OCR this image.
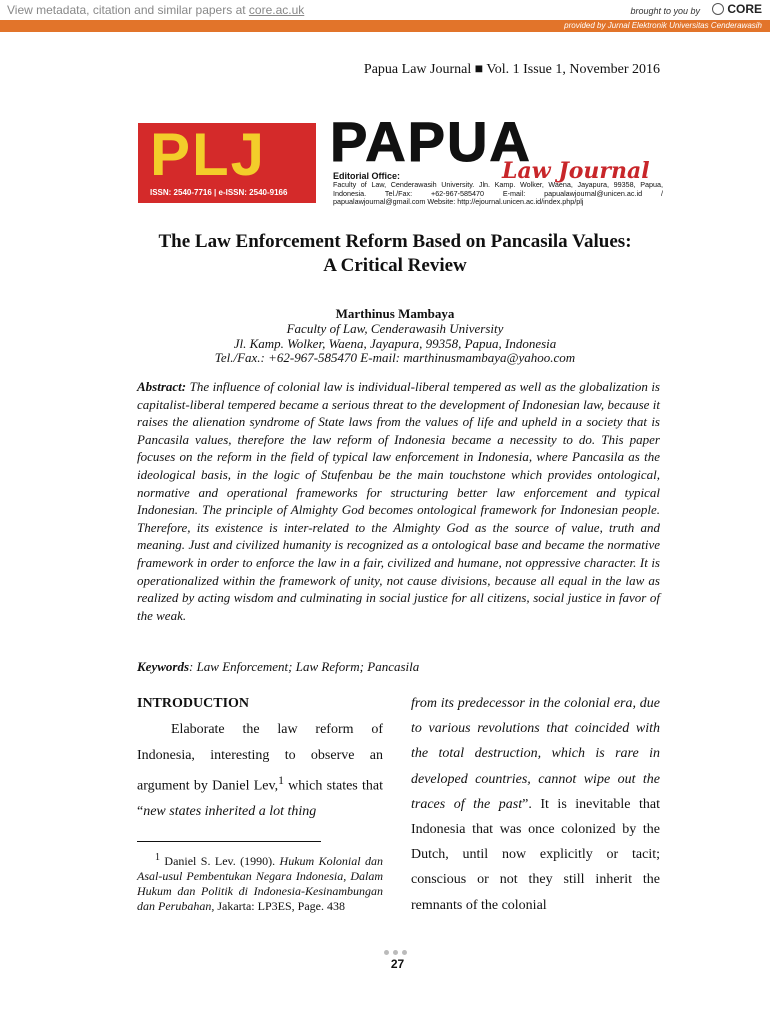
View metadata, citation and similar papers at core.ac.uk	brought to you by CORE
provided by Jurnal Elektronik Universitas Cenderawasih
Papua Law Journal ■ Vol. 1 Issue 1, November 2016
PLJ
ISSN: 2540-7716 | e-ISSN: 2540-9166
PAPUA
Law Journal
Editorial Office:
Faculty of Law, Cenderawasih University. Jln. Kamp. Wolker, Waena, Jayapura, 99358, Papua, Indonesia. Tel./Fax: +62-967-585470 E-mail: papualawjournal@unicen.ac.id / papualawjournal@gmail.com Website: http://ejournal.unicen.ac.id/index.php/plj
The Law Enforcement Reform Based on Pancasila Values:
A Critical Review
Marthinus Mambaya
Faculty of Law, Cenderawasih University
Jl. Kamp. Wolker, Waena, Jayapura, 99358, Papua, Indonesia
Tel./Fax.: +62-967-585470 E-mail: marthinusmambaya@yahoo.com
Abstract: The influence of colonial law is individual-liberal tempered as well as the globalization is capitalist-liberal tempered became a serious threat to the development of Indonesian law, because it raises the alienation syndrome of State laws from the values of life and upheld in a society that is Pancasila values, therefore the law reform of Indonesia became a necessity to do. This paper focuses on the reform in the field of typical law enforcement in Indonesia, where Pancasila as the ideological basis, in the logic of Stufenbau be the main touchstone which provides ontological, normative and operational frameworks for structuring better law enforcement and typical Indonesian. The principle of Almighty God becomes ontological framework for Indonesian people. Therefore, its existence is inter-related to the Almighty God as the source of value, truth and meaning. Just and civilized humanity is recognized as a ontological base and became the normative framework in order to enforce the law in a fair, civilized and humane, not oppressive character. It is operationalized within the framework of unity, not cause divisions, because all equal in the law as realized by acting wisdom and culminating in social justice for all citizens, social justice in favor of the weak.
Keywords: Law Enforcement; Law Reform; Pancasila
INTRODUCTION
Elaborate the law reform of Indonesia, interesting to observe an argument by Daniel Lev,$^1$ which states that “new states inherited a lot thing
from its predecessor in the colonial era, due to various revolutions that coincided with the total destruction, which is rare in developed countries, cannot wipe out the traces of the past”. It is inevitable that Indonesia that was once colonized by the Dutch, until now explicitly or tacit; conscious or not they still inherit the remnants of the colonial
$^1$ Daniel S. Lev. (1990). Hukum Kolonial dan Asal-usul Pembentukan Negara Indonesia, Dalam Hukum dan Politik di Indonesia-Kesinambungan dan Perubahan, Jakarta: LP3ES, Page. 438
27
